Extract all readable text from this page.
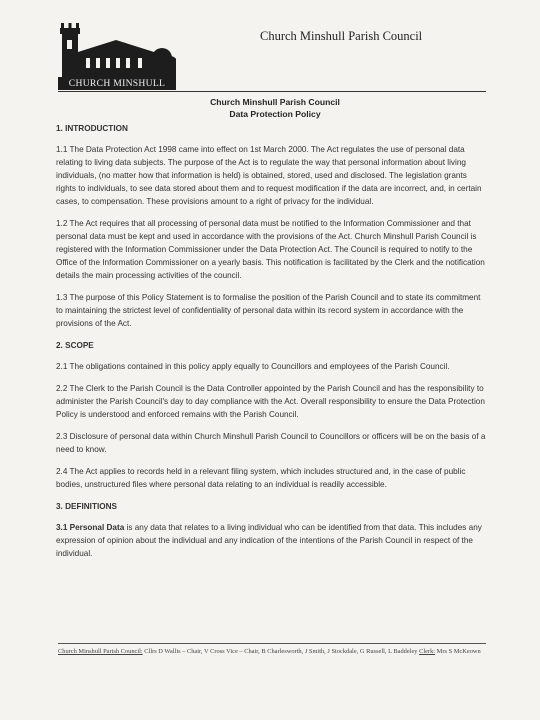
CHURCH MINSHULL
Church Minshull Parish Council
Church Minshull Parish Council
Data Protection Policy

1. INTRODUCTION

1.1 The Data Protection Act 1998 came into effect on 1st March 2000. The Act regulates the use of personal data relating to living data subjects. The purpose of the Act is to regulate the way that personal information about living individuals, (no matter how that information is held) is obtained, stored, used and disclosed. The legislation grants rights to individuals, to see data stored about them and to request modification if the data are incorrect, and, in certain cases, to compensation. These provisions amount to a right of privacy for the individual.

1.2 The Act requires that all processing of personal data must be notified to the Information Commissioner and that personal data must be kept and used in accordance with the provisions of the Act. Church Minshull Parish Council is registered with the Information Commissioner under the Data Protection Act. The Council is required to notify to the Office of the Information Commissioner on a yearly basis. This notification is facilitated by the Clerk and the notification details the main processing activities of the council.

1.3 The purpose of this Policy Statement is to formalise the position of the Parish Council and to state its commitment to maintaining the strictest level of confidentiality of personal data within its record system in accordance with the provisions of the Act.

2. SCOPE

2.1 The obligations contained in this policy apply equally to Councillors and employees of the Parish Council.

2.2 The Clerk to the Parish Council is the Data Controller appointed by the Parish Council and has the responsibility to administer the Parish Council's day to day compliance with the Act. Overall responsibility to ensure the Data Protection Policy is understood and enforced remains with the Parish Council.

2.3 Disclosure of personal data within Church Minshull Parish Council to Councillors or officers will be on the basis of a need to know.

2.4 The Act applies to records held in a relevant filing system, which includes structured and, in the case of public bodies, unstructured files where personal data relating to an individual is readily accessible.

3. DEFINITIONS

3.1 Personal Data is any data that relates to a living individual who can be identified from that data. This includes any expression of opinion about the individual and any indication of the intentions of the Parish Council in respect of the individual.

Church Minshull Parish Council: Cllrs D Wallis – Chair, V Cross Vice – Chair, B Charlesworth, J Smith, J Stockdale, G Russell, L Baddeley Clerk: Mrs S McKeown
